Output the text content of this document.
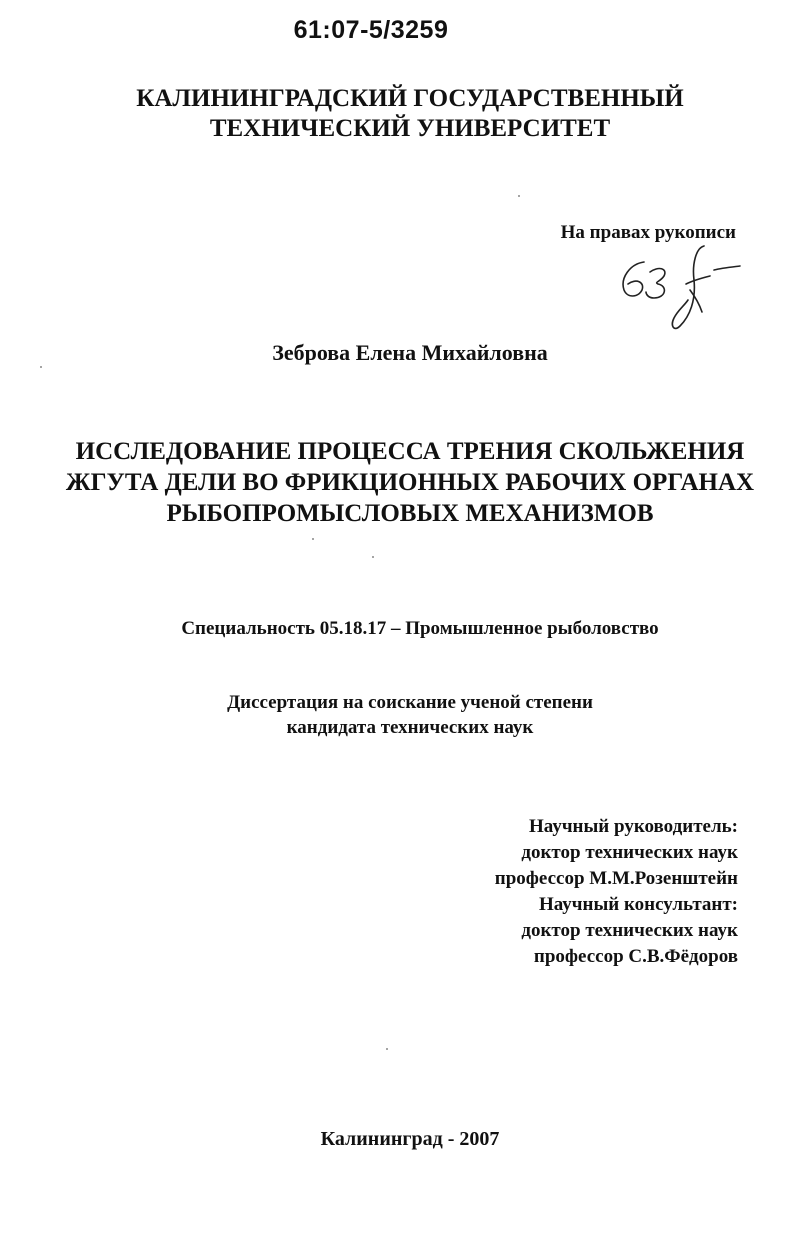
61:07-5/3259
КАЛИНИНГРАДСКИЙ ГОСУДАРСТВЕННЫЙ
ТЕХНИЧЕСКИЙ УНИВЕРСИТЕТ
На правах рукописи
Зеброва Елена Михайловна
ИССЛЕДОВАНИЕ ПРОЦЕССА ТРЕНИЯ СКОЛЬЖЕНИЯ
ЖГУТА ДЕЛИ ВО ФРИКЦИОННЫХ РАБОЧИХ ОРГАНАХ
РЫБОПРОМЫСЛОВЫХ МЕХАНИЗМОВ
Специальность 05.18.17 – Промышленное рыболовство
Диссертация на соискание ученой степени
кандидата технических наук
Научный руководитель:
доктор технических наук
профессор М.М.Розенштейн
Научный консультант:
доктор технических наук
профессор С.В.Фёдоров
Калининград - 2007
